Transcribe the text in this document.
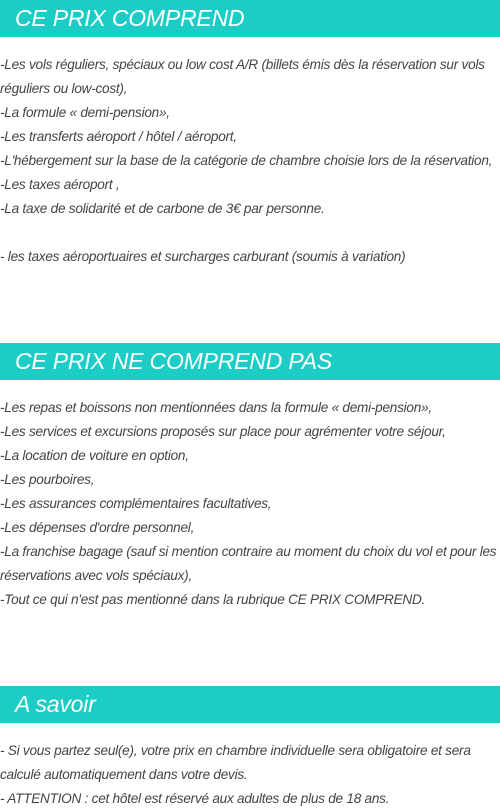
CE PRIX COMPREND
-Les vols réguliers, spéciaux ou low cost A/R (billets émis dès la réservation sur vols réguliers ou low-cost),
-La formule « demi-pension»,
-Les transferts aéroport / hôtel / aéroport,
-L'hébergement sur la base de la catégorie de chambre choisie lors de la réservation,
-Les taxes aéroport ,
-La taxe de solidarité et de carbone de 3€ par personne.
- les taxes aéroportuaires et surcharges carburant (soumis à variation)
CE PRIX NE COMPREND PAS
-Les repas et boissons non mentionnées dans la formule « demi-pension»,
-Les services et excursions proposés sur place pour agrémenter votre séjour,
-La location de voiture en option,
-Les pourboires,
-Les assurances complémentaires facultatives,
-Les dépenses d'ordre personnel,
-La franchise bagage (sauf si mention contraire au moment du choix du vol et pour les réservations avec vols spéciaux),
-Tout ce qui n'est pas mentionné dans la rubrique CE PRIX COMPREND.
A savoir
- Si vous partez seul(e), votre prix en chambre individuelle sera obligatoire et sera calculé automatiquement dans votre devis.
- ATTENTION : cet hôtel est réservé aux adultes de plus de 18 ans.
